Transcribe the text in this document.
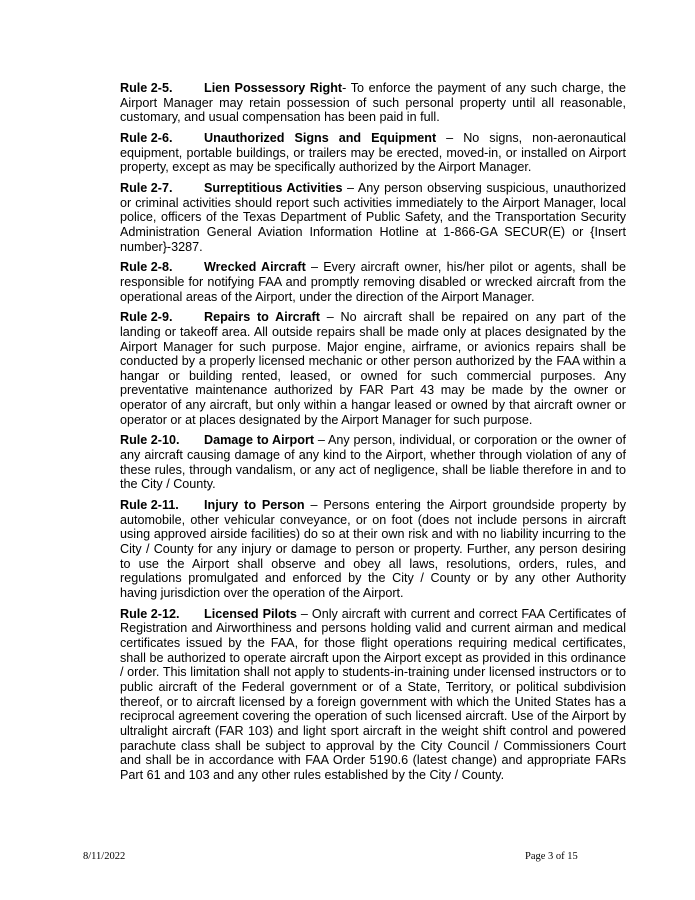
Rule 2-5.	Lien Possessory Right- To enforce the payment of any such charge, the Airport Manager may retain possession of such personal property until all reasonable, customary, and usual compensation has been paid in full.

Rule 2-6.	Unauthorized Signs and Equipment – No signs, non-aeronautical equipment, portable buildings, or trailers may be erected, moved-in, or installed on Airport property, except as may be specifically authorized by the Airport Manager.

Rule 2-7.	Surreptitious Activities – Any person observing suspicious, unauthorized or criminal activities should report such activities immediately to the Airport Manager, local police, officers of the Texas Department of Public Safety, and the Transportation Security Administration General Aviation Information Hotline at 1-866-GA SECUR(E) or {Insert number}-3287.

Rule 2-8.	Wrecked Aircraft – Every aircraft owner, his/her pilot or agents, shall be responsible for notifying FAA and promptly removing disabled or wrecked aircraft from the operational areas of the Airport, under the direction of the Airport Manager.

Rule 2-9.	Repairs to Aircraft – No aircraft shall be repaired on any part of the landing or takeoff area. All outside repairs shall be made only at places designated by the Airport Manager for such purpose. Major engine, airframe, or avionics repairs shall be conducted by a properly licensed mechanic or other person authorized by the FAA within a hangar or building rented, leased, or owned for such commercial purposes. Any preventative maintenance authorized by FAR Part 43 may be made by the owner or operator of any aircraft, but only within a hangar leased or owned by that aircraft owner or operator or at places designated by the Airport Manager for such purpose.

Rule 2-10. Damage to Airport – Any person, individual, or corporation or the owner of any aircraft causing damage of any kind to the Airport, whether through violation of any of these rules, through vandalism, or any act of negligence, shall be liable therefore in and to the City / County.

Rule 2-11. Injury to Person – Persons entering the Airport groundside property by automobile, other vehicular conveyance, or on foot (does not include persons in aircraft using approved airside facilities) do so at their own risk and with no liability incurring to the City / County for any injury or damage to person or property. Further, any person desiring to use the Airport shall observe and obey all laws, resolutions, orders, rules, and regulations promulgated and enforced by the City / County or by any other Authority having jurisdiction over the operation of the Airport.

Rule 2-12. Licensed Pilots – Only aircraft with current and correct FAA Certificates of Registration and Airworthiness and persons holding valid and current airman and medical certificates issued by the FAA, for those flight operations requiring medical certificates, shall be authorized to operate aircraft upon the Airport except as provided in this ordinance / order. This limitation shall not apply to students-in-training under licensed instructors or to public aircraft of the Federal government or of a State, Territory, or political subdivision thereof, or to aircraft licensed by a foreign government with which the United States has a reciprocal agreement covering the operation of such licensed aircraft. Use of the Airport by ultralight aircraft (FAR 103) and light sport aircraft in the weight shift control and powered parachute class shall be subject to approval by the City Council / Commissioners Court and shall be in accordance with FAA Order 5190.6 (latest change) and appropriate FARs Part 61 and 103 and any other rules established by the City / County.

8/11/2022	Page 3 of 15
